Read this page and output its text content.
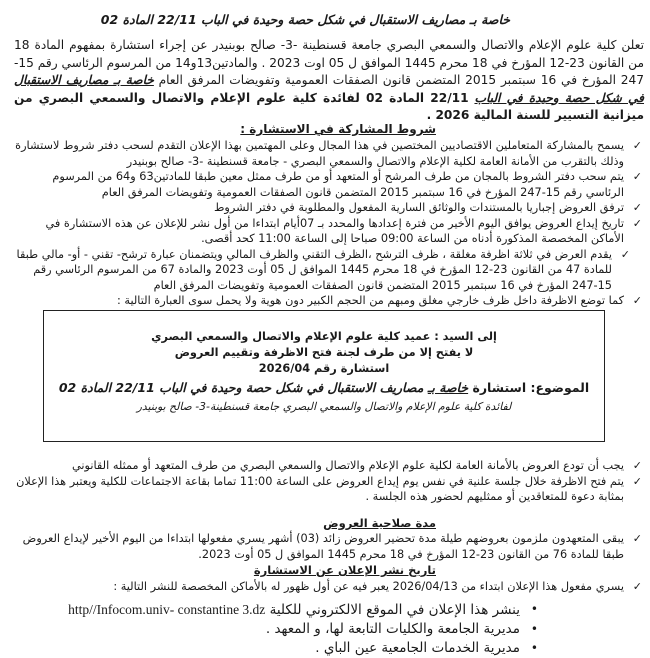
خاصة بـ مصاريف الاستقبال في شكل حصة وحيدة في الباب 22/11 المادة 02
تعلن كلية علوم الإعلام والاتصال والسمعي البصري جامعة قسنطينة -3- صالح بوبنيدر عن إجراء استشارة بمفهوم المادة 18 من القانون 23-12 المؤرخ في 18 محرم 1445 الموافق ل 05 اوت 2023 . والمادتين13و14 من المرسوم الرئاسي رقم 15-247 المؤرخ في 16 سبتمبر 2015 المتضمن قانون الصفقات العمومية وتفويضات المرفق العام خاصة بـ مصاريف الاستقبال في شكل حصة وحيدة في الباب 22/11 المادة 02 لفائدة كلية علوم الإعلام والاتصال والسمعي البصري من ميزانية التسيير للسنة المالية 2026 .
شروط المشاركة في الاستشارة :
✓
يسمح بالمشاركة المتعاملين الاقتصاديين المختصين في هذا المجال وعلى المهتمين بهذا الإعلان التقدم لسحب دفتر شروط لاستشارة وذلك بالتقرب من الأمانة العامة لكلية الإعلام والاتصال والسمعي البصري - جامعة قسنطينة -3- صالح بوبنيدر
✓
يتم سحب دفتر الشروط بالمجان من طرف المرشح أو المتعهد أو من طرف ممثل معين طبقا للمادتين63 و64 من المرسوم الرئاسي رقم 15-247 المؤرخ في 16 سبتمبر 2015 المتضمن قانون الصفقات العمومية وتفويضات المرفق العام
✓
ترفق العروض إجباريا بالمستندات والوثائق السارية المفعول والمطلوبة في دفتر الشروط
✓
تاريخ إيداع العروض يوافق اليوم الأخير من فترة إعدادها والمحدد بـ 07أيام ابتداءا من أول نشر للإعلان عن هذه الاستشارة في الأماكن المخصصة المذكورة أدناه من الساعة 09:00 صباحا إلى الساعة 11:00 كحد أقصى.
✓
يقدم العرض في ثلاثة اظرفة مغلقة ، ظرف الترشح ،الظرف التقني والظرف المالي ويتضمنان عبارة ترشح- تقني - أو- مالي طبقا للمادة 47 من القانون 23-12 المؤرخ في 18 محرم 1445 الموافق ل 05 أوت 2023 والمادة 67 من المرسوم الرئاسي رقم 15-247 المؤرخ في 16 سبتمبر 2015 المتضمن قانون الصفقات العمومية وتفويضات المرفق العام
✓
كما توضع الاظرفة داخل ظرف خارجي مغلق ومبهم من الحجم الكبير دون هوية ولا يحمل سوى العبارة التالية :
إلى السيد : عميد كلية علوم الإعلام والاتصال والسمعي البصري
لا يفتح إلا من طرف لجنة فتح الاظرفة وتقييم العروض
استشارة رقم 2026/04
الموضوع: استشارة خاصة بـ مصاريف الاستقبال في شكل حصة وحيدة في الباب 22/11 المادة 02
لفائدة كلية علوم الإعلام والاتصال والسمعي البصري جامعة قسنطينة-3- صالح بوبنيدر
✓
يجب أن تودع العروض بالأمانة العامة لكلية علوم الإعلام والاتصال والسمعي البصري من طرف المتعهد أو ممثله القانوني
✓
يتم فتح الاظرفة خلال جلسة علنية في نفس يوم إيداع العروض على الساعة 11:00 تماما بقاعة الاجتماعات للكلية ويعتبر هذا الإعلان بمثابة دعوة للمتعاقدين أو ممثليهم لحضور هذه الجلسة .
مدة صلاحية العروض
✓
يبقى المتعهدون ملزمون بعروضهم طيلة مدة تحضير العروض زائد (03) أشهر يسري مفعولها ابتداءا من اليوم الأخير لإيداع العروض طبقا للمادة 76 من القانون 23-12 المؤرخ في 18 محرم 1445 الموافق ل 05 أوت 2023.
تاريخ نشر الإعلان عن الاستشارة
✓
يسري مفعول هذا الإعلان ابتداء من 2026/04/13 يعبر فيه عن أول ظهور له بالأماكن المخصصة للنشر التالية :
•
ينشر هذا الإعلان في الموقع الالكتروني للكلية http//Infocom.univ- constantine 3.dz
•
مديرية الجامعة والكليات التابعة لها، و المعهد .
•
مديرية الخدمات الجامعية عين الباي .
